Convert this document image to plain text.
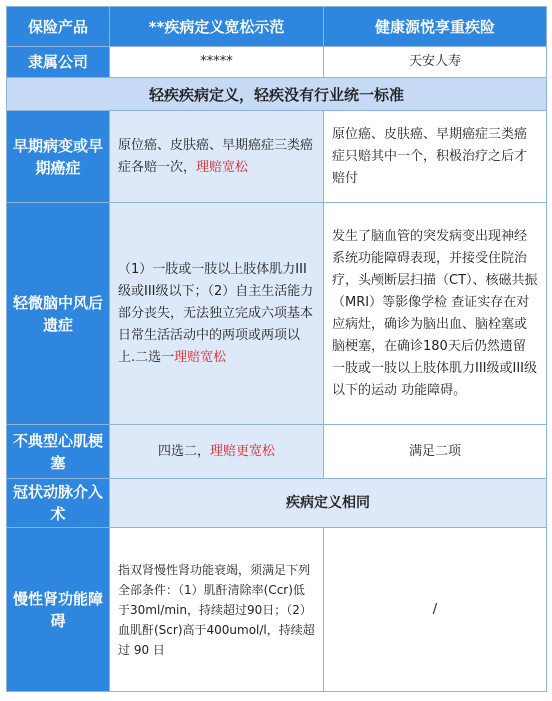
保险产品	**疾病定义宽松示范	健康源悦享重疾险
隶属公司	*****	天安人寿
轻疾疾病定义，轻疾没有行业统一标准		
早期病变或早期癌症	原位癌、皮肤癌、早期癌症三类癌症各赔一次，理赔宽松	原位癌、皮肤癌、早期癌症三类癌症只赔其中一个，积极治疗之后才赔付
轻微脑中风后遗症	（1）一肢或一肢以上肢体肌力III级或III级以下；（2）自主生活能力部分丧失，无法独立完成六项基本日常生活活动中的两项或两项以上.二选一理赔宽松	发生了脑血管的突发病变出现神经系统功能障碍表现，并接受住院治疗，头颅断层扫描（CT）、核磁共振（MRI）等影像学检 查证实存在对应病灶，确诊为脑出血、脑栓塞或脑梗塞，在确诊180天后仍然遗留一肢或一肢以上肢体肌力III级或III级以下的运动 功能障碍。
不典型心肌梗塞	四选二，理赔更宽松	满足二项
冠状动脉介入术	疾病定义相同	
慢性肾功能障碍	指双肾慢性肾功能衰竭，须满足下列全部条件：（1）肌酐清除率(Ccr)低于30ml/min，持续超过90日；（2）血肌酐(Scr)高于400umol/l，持续超过 90 日	/
